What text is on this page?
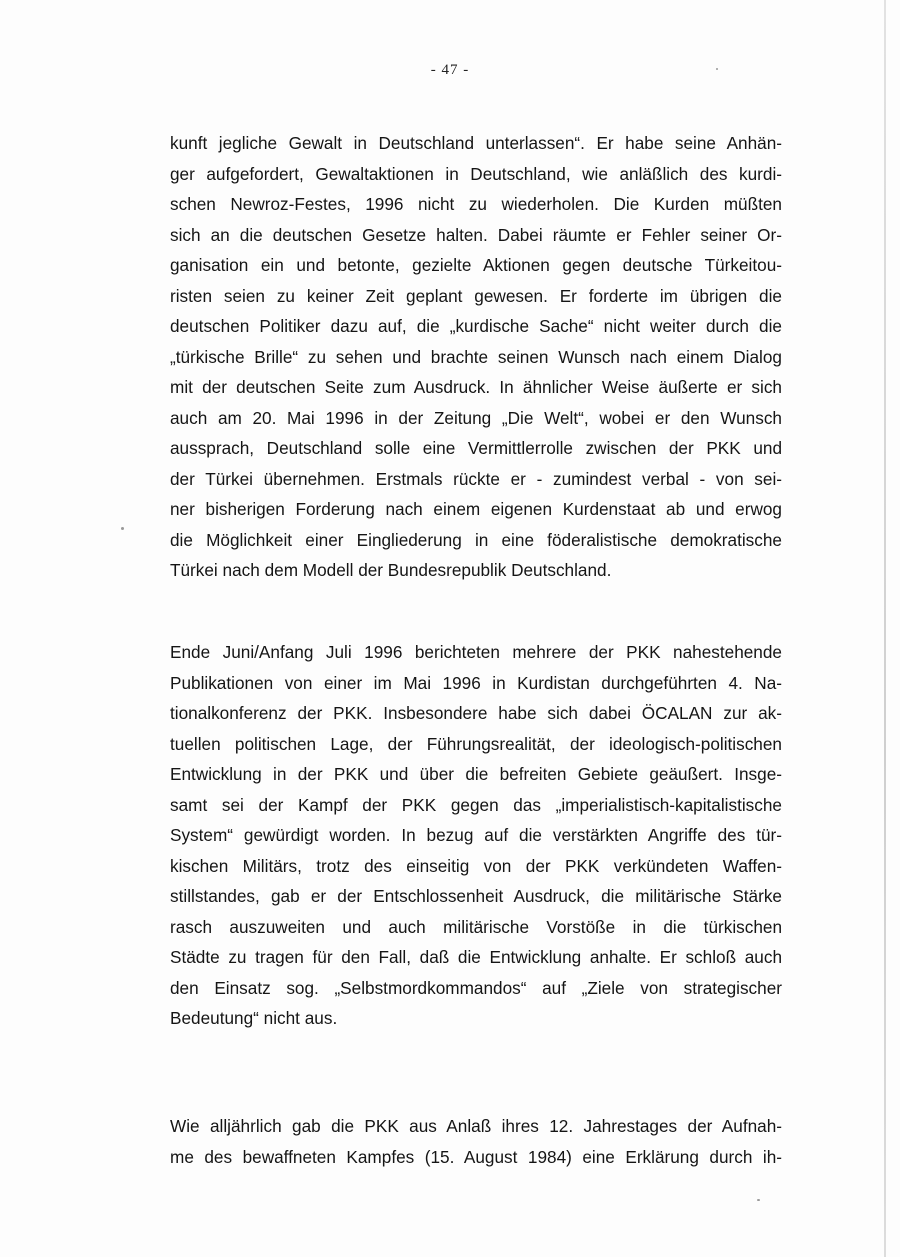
- 47 -
kunft jegliche Gewalt in Deutschland unterlassen“. Er habe seine Anhän-
ger aufgefordert, Gewaltaktionen in Deutschland, wie anläßlich des kurdi-
schen Newroz-Festes, 1996 nicht zu wiederholen. Die Kurden müßten
sich an die deutschen Gesetze halten. Dabei räumte er Fehler seiner Or-
ganisation ein und betonte, gezielte Aktionen gegen deutsche Türkeitou-
risten seien zu keiner Zeit geplant gewesen. Er forderte im übrigen die
deutschen Politiker dazu auf, die „kurdische Sache“ nicht weiter durch die
„türkische Brille“ zu sehen und brachte seinen Wunsch nach einem Dialog
mit der deutschen Seite zum Ausdruck. In ähnlicher Weise äußerte er sich
auch am 20. Mai 1996 in der Zeitung „Die Welt“, wobei er den Wunsch
aussprach, Deutschland solle eine Vermittlerrolle zwischen der PKK und
der Türkei übernehmen. Erstmals rückte er - zumindest verbal - von sei-
ner bisherigen Forderung nach einem eigenen Kurdenstaat ab und erwog
die Möglichkeit einer Eingliederung in eine föderalistische demokratische
Türkei nach dem Modell der Bundesrepublik Deutschland.
Ende Juni/Anfang Juli 1996 berichteten mehrere der PKK nahestehende
Publikationen von einer im Mai 1996 in Kurdistan durchgeführten 4. Na-
tionalkonferenz der PKK. Insbesondere habe sich dabei ÖCALAN zur ak-
tuellen politischen Lage, der Führungsrealität, der ideologisch-politischen
Entwicklung in der PKK und über die befreiten Gebiete geäußert. Insge-
samt sei der Kampf der PKK gegen das „imperialistisch-kapitalistische
System“ gewürdigt worden. In bezug auf die verstärkten Angriffe des tür-
kischen Militärs, trotz des einseitig von der PKK verkündeten Waffen-
stillstandes, gab er der Entschlossenheit Ausdruck, die militärische Stärke
rasch auszuweiten und auch militärische Vorstöße in die türkischen
Städte zu tragen für den Fall, daß die Entwicklung anhalte. Er schloß auch
den Einsatz sog. „Selbstmordkommandos“ auf „Ziele von strategischer
Bedeutung“ nicht aus.
Wie alljährlich gab die PKK aus Anlaß ihres 12. Jahrestages der Aufnah-
me des bewaffneten Kampfes (15. August 1984) eine Erklärung durch ih-
